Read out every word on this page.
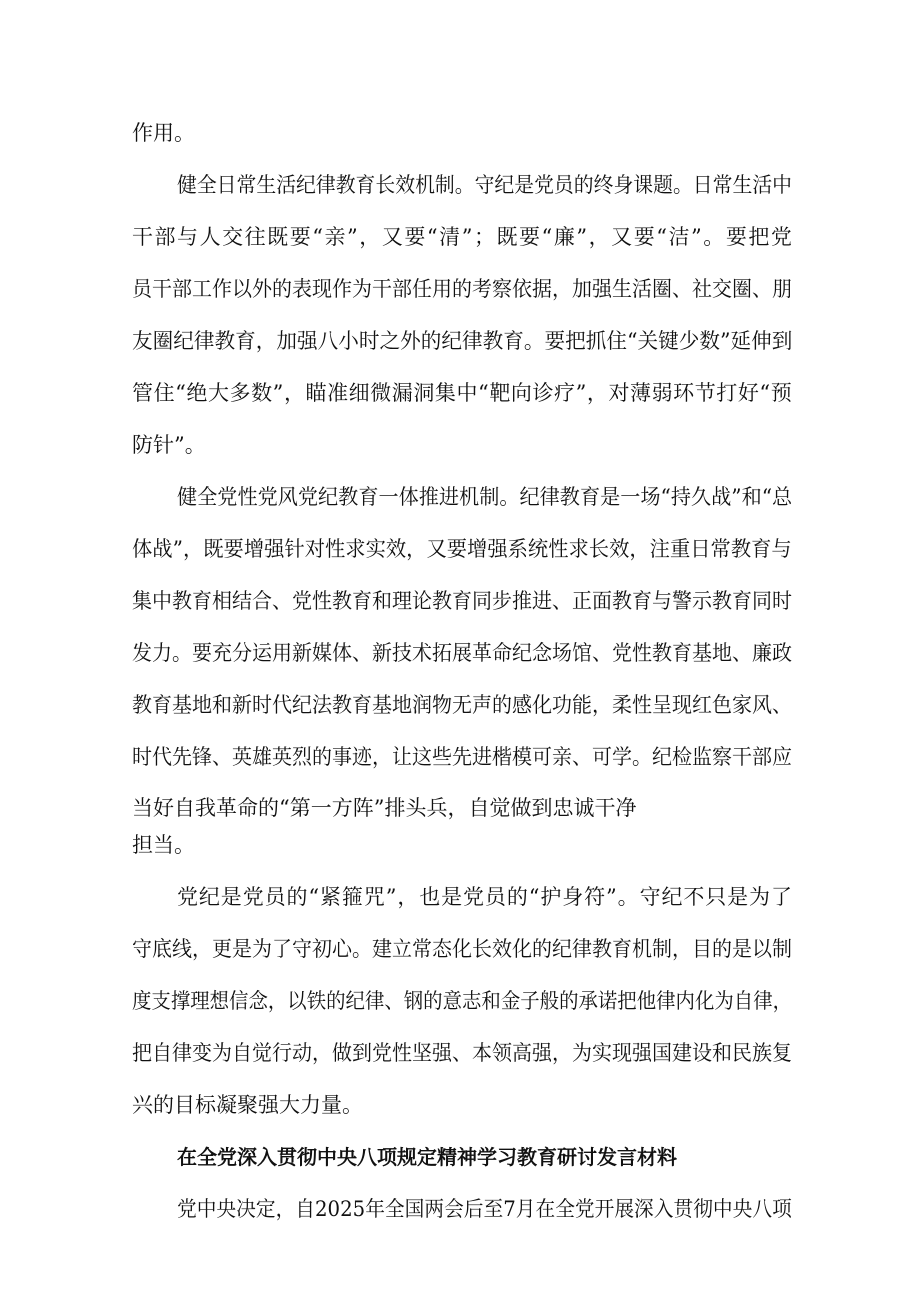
作用。
健全日常生活纪律教育长效机制。守纪是党员的终身课题。日常生活中
干部与人交往既要“亲”，又要“清”；既要“廉”，又要“洁”。要把党
员干部工作以外的表现作为干部任用的考察依据，加强生活圈、社交圈、朋
友圈纪律教育，加强八小时之外的纪律教育。要把抓住“关键少数”延伸到
管住“绝大多数”，瞄准细微漏洞集中“靶向诊疗”，对薄弱环节打好“预
防针”。
健全党性党风党纪教育一体推进机制。纪律教育是一场“持久战”和“总
体战”，既要增强针对性求实效，又要增强系统性求长效，注重日常教育与
集中教育相结合、党性教育和理论教育同步推进、正面教育与警示教育同时
发力。要充分运用新媒体、新技术拓展革命纪念场馆、党性教育基地、廉政
教育基地和新时代纪法教育基地润物无声的感化功能，柔性呈现红色家风、
时代先锋、英雄英烈的事迹，让这些先进楷模可亲、可学。纪检监察干部应
当好自我革命的“第一方阵”排头兵，自觉做到忠诚干净
担当。
党纪是党员的“紧箍咒”，也是党员的“护身符”。守纪不只是为了
守底线，更是为了守初心。建立常态化长效化的纪律教育机制，目的是以制
度支撑理想信念，以铁的纪律、钢的意志和金子般的承诺把他律内化为自律，
把自律变为自觉行动，做到党性坚强、本领高强，为实现强国建设和民族复
兴的目标凝聚强大力量。
在全党深入贯彻中央八项规定精神学习教育研讨发言材料
党中央决定，自2025年全国两会后至7月在全党开展深入贯彻中央八项
